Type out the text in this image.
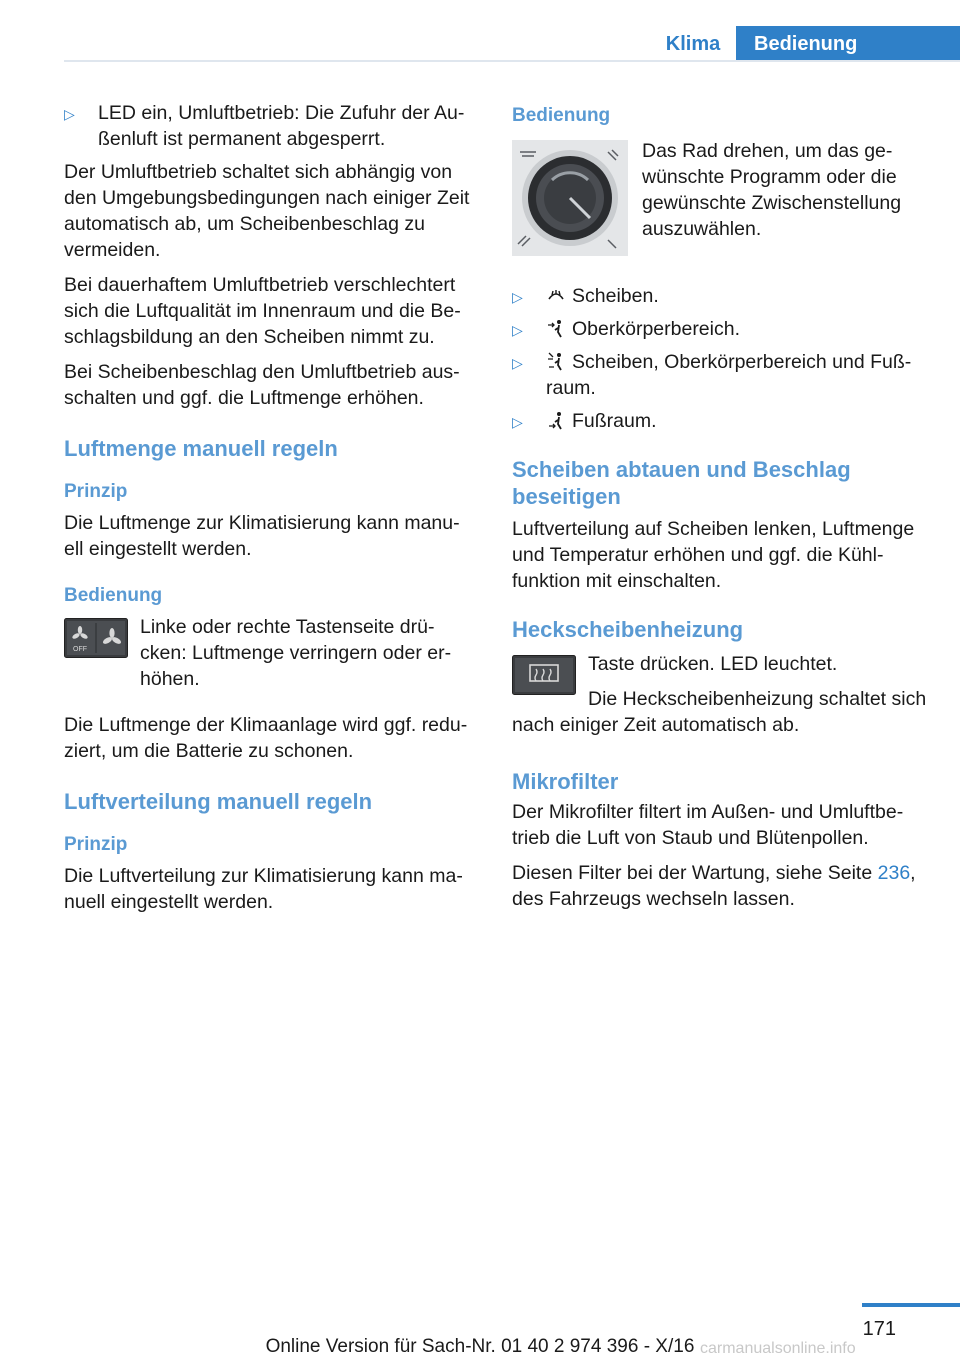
Klima	Bedienung
▷ LED ein, Umluftbetrieb: Die Zufuhr der Au‐ßenluft ist permanent abgesperrt.

Der Umluftbetrieb schaltet sich abhängig von den Umgebungsbedingungen nach einiger Zeit automatisch ab, um Scheibenbeschlag zu vermeiden.

Bei dauerhaftem Umluftbetrieb verschlechtert sich die Luftqualität im Innenraum und die Be‐schlagsbildung an den Scheiben nimmt zu.

Bei Scheibenbeschlag den Umluftbetrieb aus‐schalten und ggf. die Luftmenge erhöhen.

Luftmenge manuell regeln
Prinzip

Die Luftmenge zur Klimatisierung kann manu‐ell eingestellt werden.

Bedienung
OFF

Linke oder rechte Tastenseite drü‐cken: Luftmenge verringern oder er‐höhen.

Die Luftmenge der Klimaanlage wird ggf. redu‐ziert, um die Batterie zu schonen.

Luftverteilung manuell regeln
Prinzip

Die Luftverteilung zur Klimatisierung kann ma‐nuell eingestellt werden.

Bedienung

Das Rad drehen, um das ge‐wünschte Programm oder die gewünschte Zwischenstellung auszuwählen.

▷	Scheiben.
▷	Oberkörperbereich.
▷	Scheiben, Oberkörperbereich und Fuß‐raum.
▷	Fußraum.
Scheiben abtauen und Beschlag beseitigen

Luftverteilung auf Scheiben lenken, Luftmenge und Temperatur erhöhen und ggf. die Kühl‐funktion mit einschalten.

Heckscheibenheizung

Taste drücken. LED leuchtet.

Die Heckscheibenheizung schaltet sich nach einiger Zeit automatisch ab.

Mikrofilter

Der Mikrofilter filtert im Außen- und Umluftbe‐trieb die Luft von Staub und Blütenpollen.

Diesen Filter bei der Wartung, siehe Seite 236, des Fahrzeugs wechseln lassen.

171
Online Version für Sach-Nr. 01 40 2 974 396 - X/16 carmanualsonline.info
